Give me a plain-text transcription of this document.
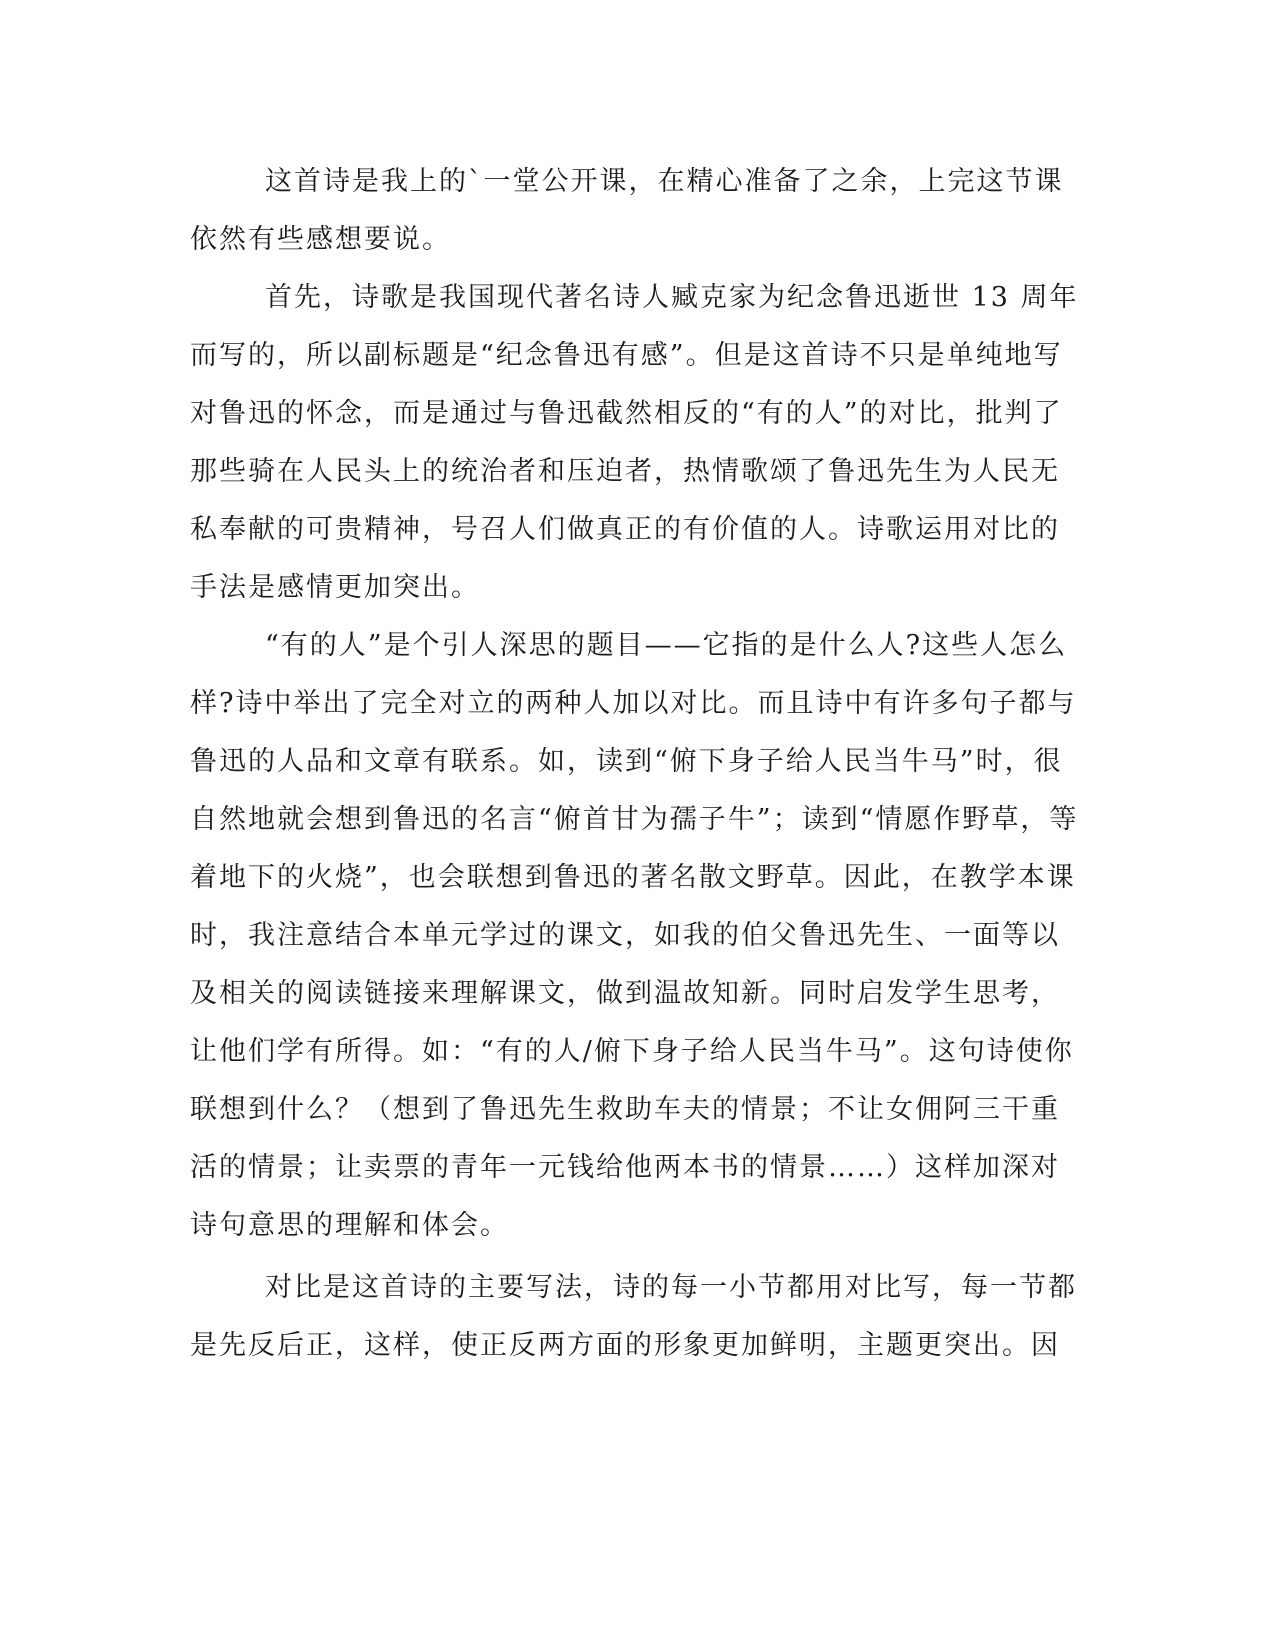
这首诗是我上的`一堂公开课，在精心准备了之余，上完这节课
依然有些感想要说。
首先，诗歌是我国现代著名诗人臧克家为纪念鲁迅逝世 13 周年
而写的，所以副标题是“纪念鲁迅有感”。但是这首诗不只是单纯地写
对鲁迅的怀念，而是通过与鲁迅截然相反的“有的人”的对比，批判了
那些骑在人民头上的统治者和压迫者，热情歌颂了鲁迅先生为人民无
私奉献的可贵精神，号召人们做真正的有价值的人。诗歌运用对比的
手法是感情更加突出。
“有的人”是个引人深思的题目——它指的是什么人?这些人怎么
样?诗中举出了完全对立的两种人加以对比。而且诗中有许多句子都与
鲁迅的人品和文章有联系。如，读到“俯下身子给人民当牛马”时，很
自然地就会想到鲁迅的名言“俯首甘为孺子牛”；读到“情愿作野草，等
着地下的火烧”，也会联想到鲁迅的著名散文野草。因此，在教学本课
时，我注意结合本单元学过的课文，如我的伯父鲁迅先生、一面等以
及相关的阅读链接来理解课文，做到温故知新。同时启发学生思考，
让他们学有所得。如：“有的人/俯下身子给人民当牛马”。这句诗使你
联想到什么？（想到了鲁迅先生救助车夫的情景；不让女佣阿三干重
活的情景；让卖票的青年一元钱给他两本书的情景……）这样加深对
诗句意思的理解和体会。
对比是这首诗的主要写法，诗的每一小节都用对比写，每一节都
是先反后正，这样，使正反两方面的形象更加鲜明，主题更突出。因
